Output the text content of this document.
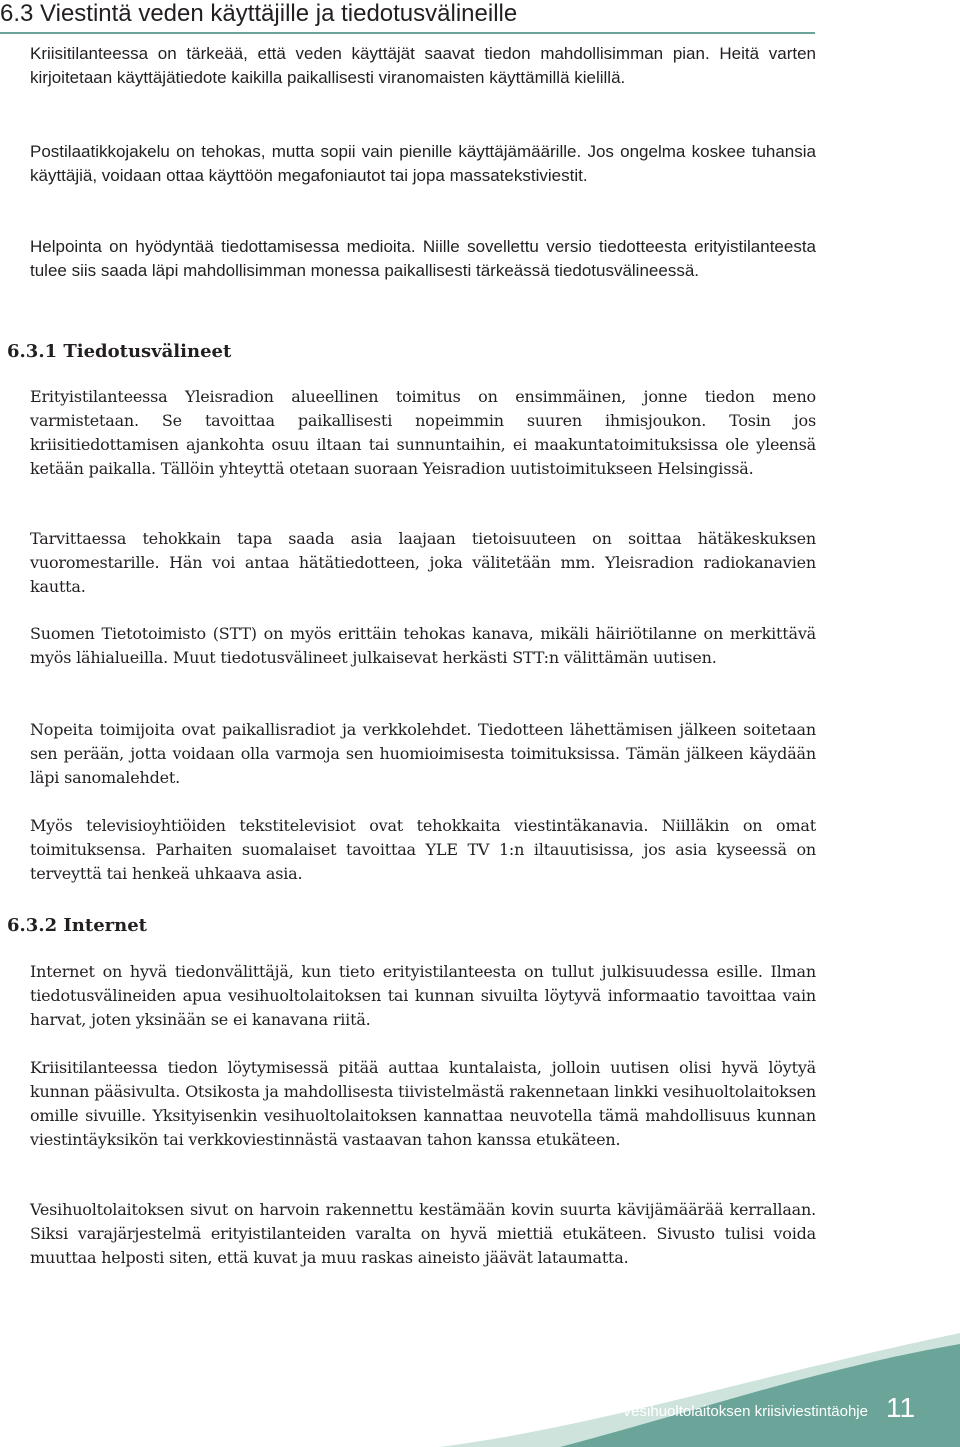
6.3 Viestintä veden käyttäjille ja tiedotusvälineille

Kriisitilanteessa on tärkeää, että veden käyttäjät saavat tiedon mahdollisimman pian. Heitä varten kirjoitetaan käyttäjätiedote kaikilla paikallisesti viranomaisten käyttämillä kielillä.

Postilaatikkojakelu on tehokas, mutta sopii vain pienille käyttäjämäärille. Jos ongelma koskee tuhansia käyttäjiä, voidaan ottaa käyttöön megafoniautot tai jopa massatekstiviestit.

Helpointa on hyödyntää tiedottamisessa medioita. Niille sovellettu versio tiedotteesta erityistilanteesta tulee siis saada läpi mahdollisimman monessa paikallisesti tärkeässä tiedotusvälineessä.

6.3.1 Tiedotusvälineet

Erityistilanteessa Yleisradion alueellinen toimitus on ensimmäinen, jonne tiedon meno varmistetaan. Se tavoittaa paikallisesti nopeimmin suuren ihmisjoukon. Tosin jos kriisitiedottamisen ajankohta osuu iltaan tai sunnuntaihin, ei maakuntatoimituksissa ole yleensä ketään paikalla. Tällöin yhteyttä otetaan suoraan Yeisradion uutistoimitukseen Helsingissä.

Tarvittaessa tehokkain tapa saada asia laajaan tietoisuuteen on soittaa hätäkeskuksen vuoromestarille. Hän voi antaa hätätiedotteen, joka välitetään mm. Yleisradion radiokanavien kautta.

Suomen Tietotoimisto (STT) on myös erittäin tehokas kanava, mikäli häiriötilanne on merkittävä myös lähialueilla. Muut tiedotusvälineet julkaisevat herkästi STT:n välittämän uutisen.

Nopeita toimijoita ovat paikallisradiot ja verkkolehdet. Tiedotteen lähettämisen jälkeen soitetaan sen perään, jotta voidaan olla varmoja sen huomioimisesta toimituksissa. Tämän jälkeen käydään läpi sanomalehdet.

Myös televisioyhtiöiden tekstitelevisiot ovat tehokkaita viestintäkanavia. Niilläkin on omat toimituksensa. Parhaiten suomalaiset tavoittaa YLE TV 1:n iltauutisissa, jos asia kyseessä on terveyttä tai henkeä uhkaava asia.

6.3.2 Internet

Internet on hyvä tiedonvälittäjä, kun tieto erityistilanteesta on tullut julkisuudessa esille. Ilman tiedotusvälineiden apua vesihuoltolaitoksen tai kunnan sivuilta löytyvä informaatio tavoittaa vain harvat, joten yksinään se ei kanavana riitä.

Kriisitilanteessa tiedon löytymisessä pitää auttaa kuntalaista, jolloin uutisen olisi hyvä löytyä kunnan pääsivulta. Otsikosta ja mahdollisesta tiivistelmästä rakennetaan linkki vesihuoltolaitoksen omille sivuille. Yksityisenkin vesihuoltolaitoksen kannattaa neuvotella tämä mahdollisuus kunnan viestintäyksikön tai verkkoviestinnästä vastaavan tahon kanssa etukäteen.

Vesihuoltolaitoksen sivut on harvoin rakennettu kestämään kovin suurta kävijämäärää kerrallaan. Siksi varajärjestelmä erityistilanteiden varalta on hyvä miettiä etukäteen. Sivusto tulisi voida muuttaa helposti siten, että kuvat ja muu raskas aineisto jäävät lataumatta.

Vesihuoltolaitoksen kriisiviestintäohje 11
